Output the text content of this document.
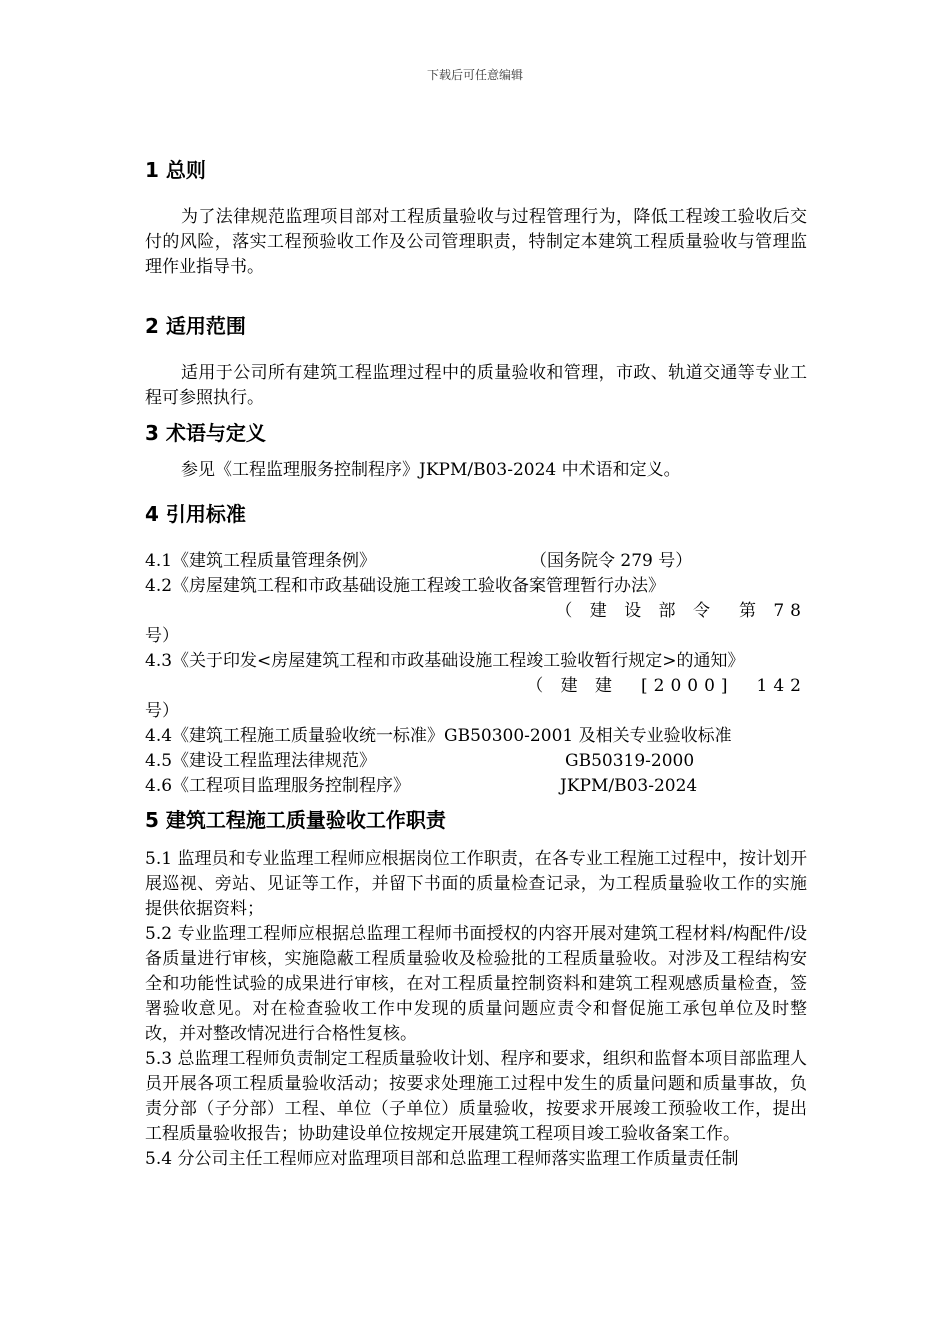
下载后可任意编辑

1 总则

为了法律规范监理项目部对工程质量验收与过程管理行为，降低工程竣工验收后交付的风险，落实工程预验收工作及公司管理职责，特制定本建筑工程质量验收与管理监理作业指导书。

2 适用范围

适用于公司所有建筑工程监理过程中的质量验收和管理，市政、轨道交通等专业工程可参照执行。

3 术语与定义

参见《工程监理服务控制程序》JKPM/B03-2024 中术语和定义。

4 引用标准

4.1《建筑工程质量管理条例》	（国务院令 279 号）

4.2《房屋建筑工程和市政基础设施工程竣工验收备案管理暂行办法》

（ 建 设 部 令　第 78

号）

4.3《关于印发<房屋建筑工程和市政基础设施工程竣工验收暂行规定>的通知》

（ 建 建　[2000]　142

号）

4.4《建筑工程施工质量验收统一标准》GB50300-2001 及相关专业验收标准
4.5《建设工程监理法律规范》	GB50319-2000
4.6《工程项目监理服务控制程序》	JKPM/B03-2024

5 建筑工程施工质量验收工作职责

5.1 监理员和专业监理工程师应根据岗位工作职责，在各专业工程施工过程中，按计划开展巡视、旁站、见证等工作，并留下书面的质量检查记录，为工程质量验收工作的实施提供依据资料；

5.2 专业监理工程师应根据总监理工程师书面授权的内容开展对建筑工程材料/构配件/设备质量进行审核，实施隐蔽工程质量验收及检验批的工程质量验收。对涉及工程结构安全和功能性试验的成果进行审核，在对工程质量控制资料和建筑工程观感质量检查，签署验收意见。对在检查验收工作中发现的质量问题应责令和督促施工承包单位及时整改，并对整改情况进行合格性复核。

5.3 总监理工程师负责制定工程质量验收计划、程序和要求，组织和监督本项目部监理人员开展各项工程质量验收活动；按要求处理施工过程中发生的质量问题和质量事故，负责分部（子分部）工程、单位（子单位）质量验收，按要求开展竣工预验收工作，提出工程质量验收报告；协助建设单位按规定开展建筑工程项目竣工验收备案工作。

5.4 分公司主任工程师应对监理项目部和总监理工程师落实监理工作质量责任制
